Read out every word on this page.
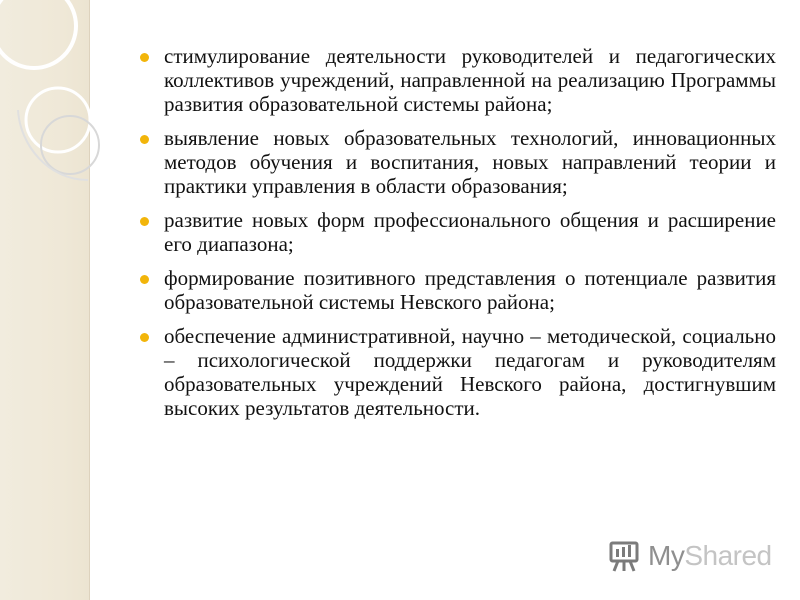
стимулирование деятельности руководителей и педагогических коллективов учреждений, направленной на реализацию Программы развития образовательной системы района;
выявление новых образовательных технологий, инновационных методов обучения и воспитания, новых направлений теории и практики управления в области образования;
развитие новых форм профессионального общения и расширение его диапазона;
формирование позитивного представления о потенциале развития образовательной системы Невского района;
обеспечение административной, научно – методической, социально – психологической поддержки педагогам и руководителям образовательных учреждений Невского района, достигнувшим высоких результатов деятельности.
My Shared
